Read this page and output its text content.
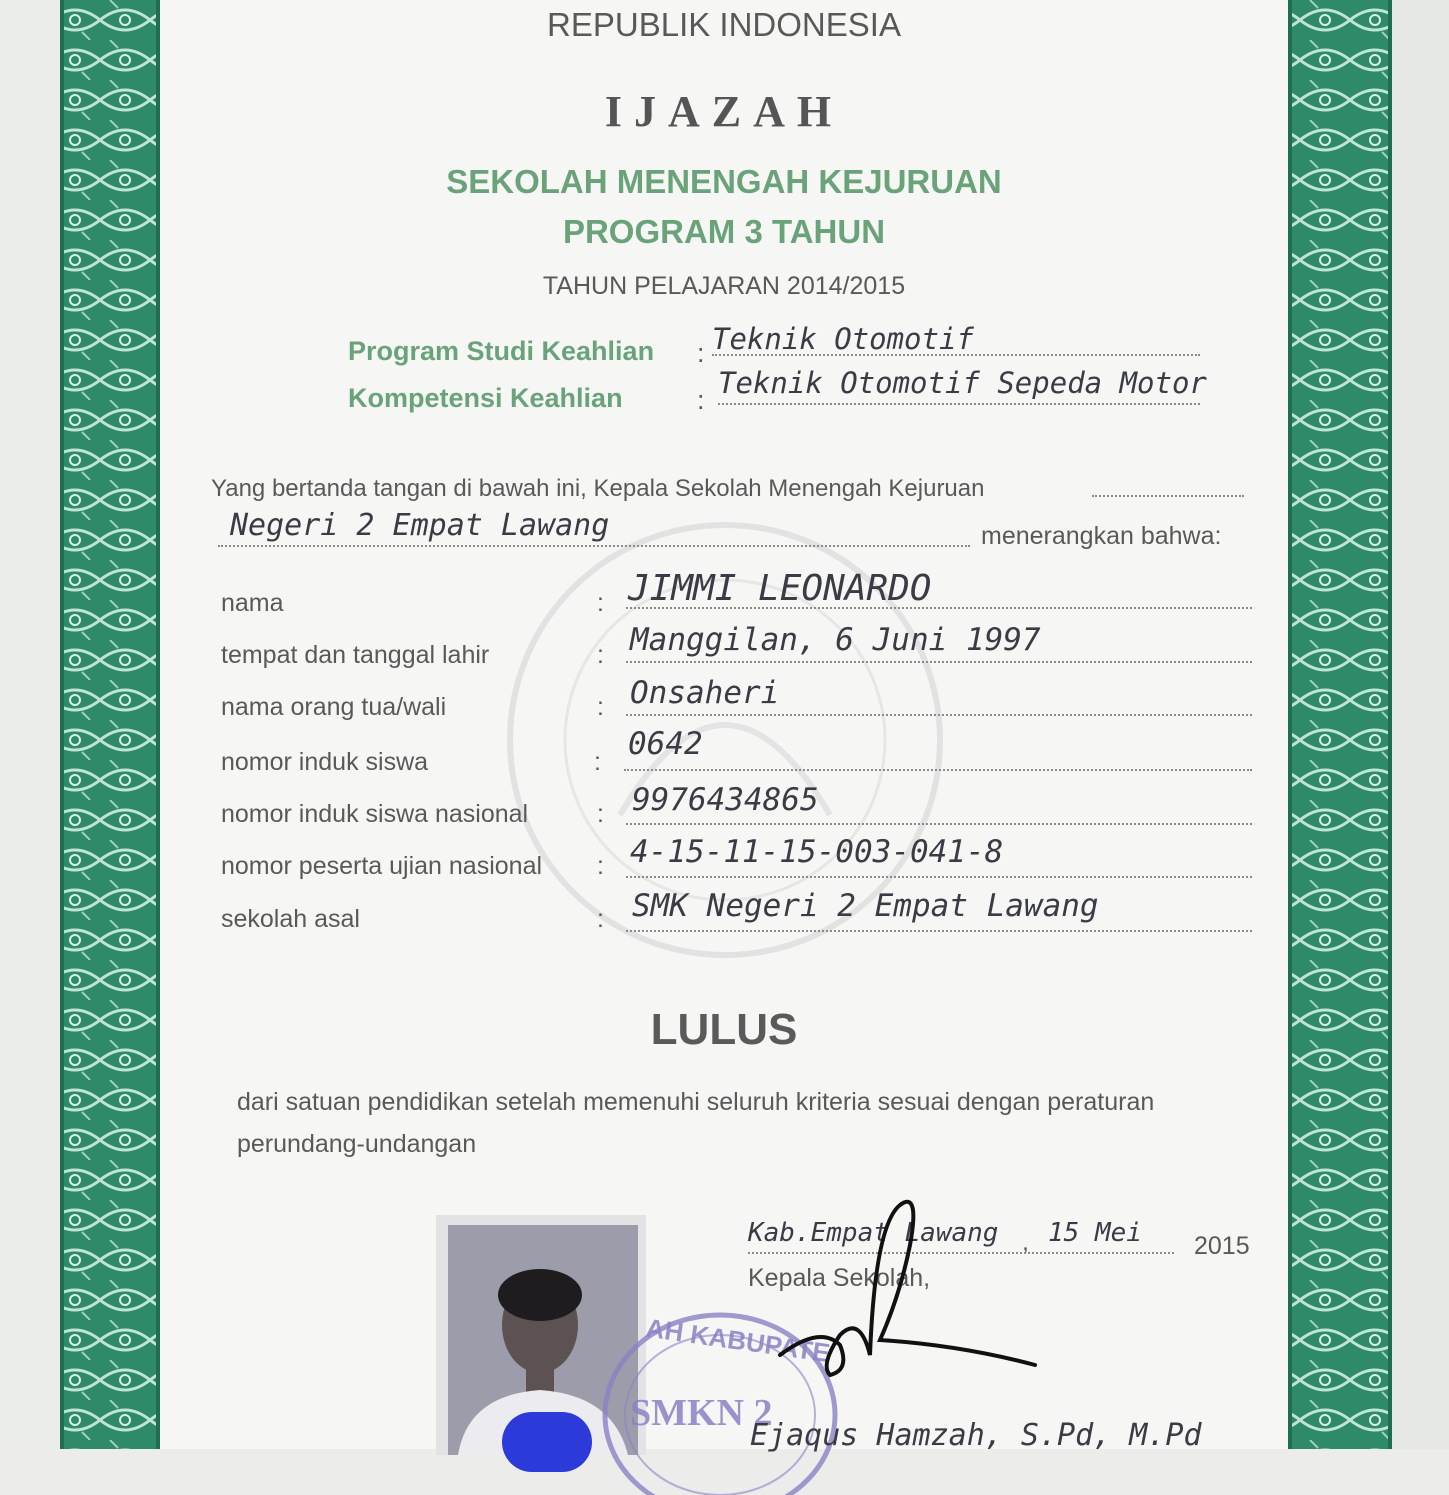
REPUBLIK INDONESIA
IJAZAH
SEKOLAH MENENGAH KEJURUAN
PROGRAM 3 TAHUN
TAHUN PELAJARAN 2014/2015
Program Studi Keahlian : Teknik Otomotif
Kompetensi Keahlian	: Teknik Otomotif Sepeda Motor
Yang bertanda tangan di bawah ini, Kepala Sekolah Menengah Kejuruan
Negeri 2 Empat Lawang	menerangkan bahwa:
nama	: JIMMI LEONARDO
tempat dan tanggal lahir	: Manggilan, 6 Juni 1997
nama orang tua/wali	: Onsaheri
nomor induk siswa	: 0642
nomor induk siswa nasional	: 9976434865
nomor peserta ujian nasional : 4-15-11-15-003-041-8
sekolah asal	: SMK Negeri 2 Empat Lawang
LULUS
dari satuan pendidikan setelah memenuhi seluruh kriteria sesuai dengan peraturan
perundang-undangan
AH KABUPATE
SMKN 2
Kab.Empat Lawang , 15 Mei 2015
Kepala Sekolah,
Ejaqus Hamzah, S.Pd, M.Pd
